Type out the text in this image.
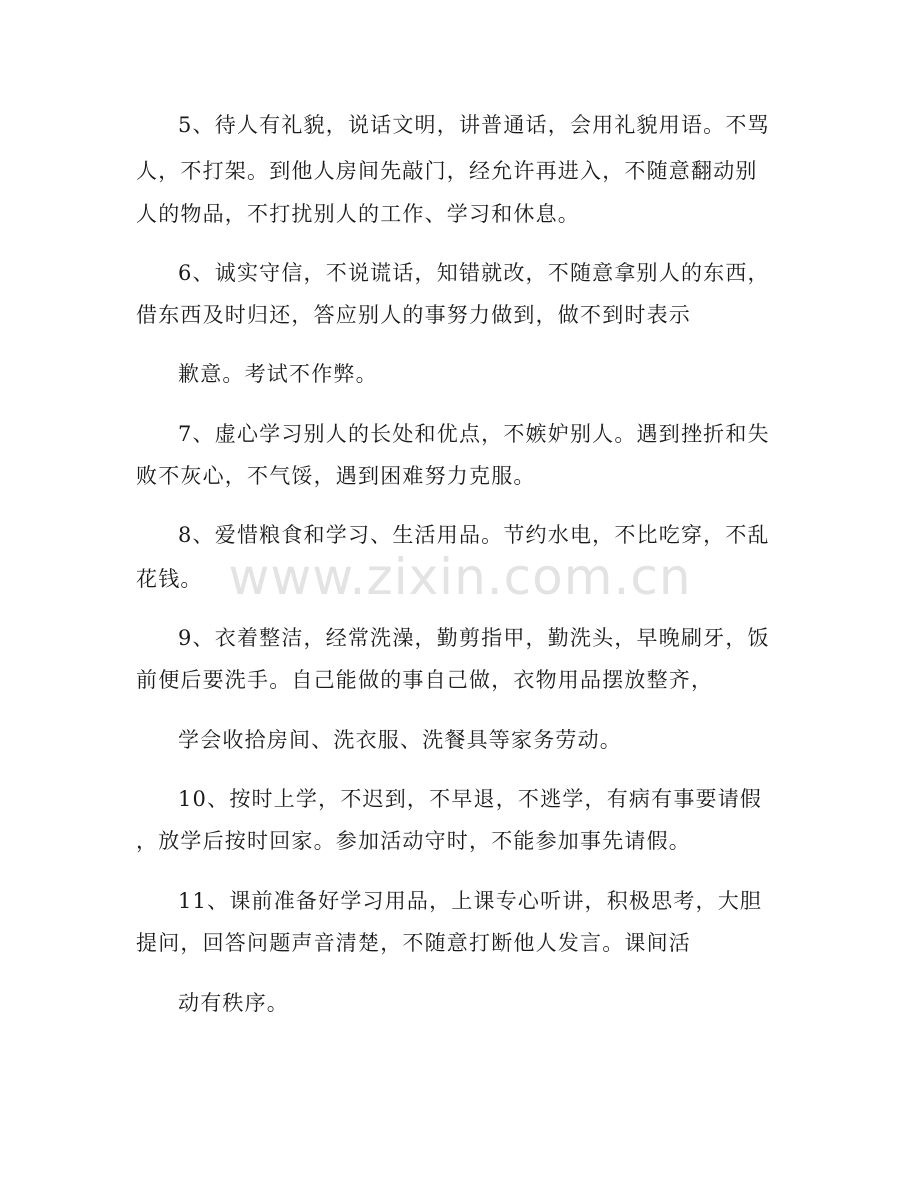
5、待人有礼貌，说话文明，讲普通话，会用礼貌用语。不骂
人，不打架。到他人房间先敲门，经允许再进入，不随意翻动别
人的物品，不打扰别人的工作、学习和休息。
6、诚实守信，不说谎话，知错就改，不随意拿别人的东西，
借东西及时归还，答应别人的事努力做到，做不到时表示
歉意。考试不作弊。
7、虚心学习别人的长处和优点，不嫉妒别人。遇到挫折和失
败不灰心，不气馁，遇到困难努力克服。
8、爱惜粮食和学习、生活用品。节约水电，不比吃穿，不乱
花钱。
9、衣着整洁，经常洗澡，勤剪指甲，勤洗头，早晚刷牙，饭
前便后要洗手。自己能做的事自己做，衣物用品摆放整齐，
学会收拾房间、洗衣服、洗餐具等家务劳动。
10、按时上学，不迟到，不早退，不逃学，有病有事要请假
，放学后按时回家。参加活动守时，不能参加事先请假。
11、课前准备好学习用品，上课专心听讲，积极思考，大胆
提问，回答问题声音清楚，不随意打断他人发言。课间活
动有秩序。
www.zixin.com.cn
